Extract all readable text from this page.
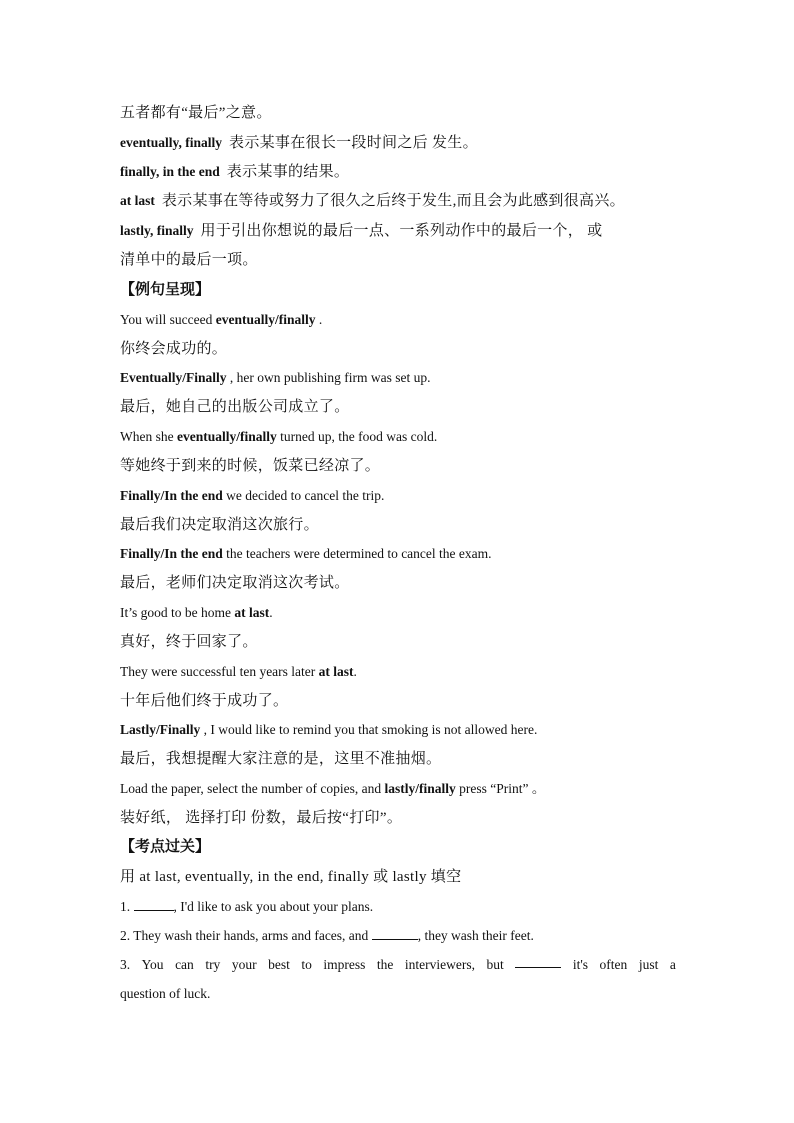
五者都有“最后”之意。
eventually, finally 表示某事在很长一段时间之后 发生。
finally, in the end 表示某事的结果。
at last 表示某事在等待或努力了很久之后终于发生,而且会为此感到很高兴。
lastly, finally 用于引出你想说的最后一点、一系列动作中的最后一个， 或
清单中的最后一项。
【例句呈现】
You will succeed eventually/finally .
你终会成功的。
Eventually/Finally , her own publishing firm was set up.
最后，她自己的出版公司成立了。
When she eventually/finally turned up, the food was cold.
等她终于到来的时候，饭菜已经凉了。
Finally/In the end we decided to cancel the trip.
最后我们决定取消这次旅行。
Finally/In the end the teachers were determined to cancel the exam.
最后，老师们决定取消这次考试。
It’s good to be home at last.
真好，终于回家了。
They were successful ten years later at last.
十年后他们终于成功了。
Lastly/Finally , I would like to remind you that smoking is not allowed here.
最后，我想提醒大家注意的是，这里不准抽烟。
Load the paper, select the number of copies, and lastly/finally press “Print” 。
装好纸， 选择打印 份数，最后按“打印”。
【考点过关】
用 at last, eventually, in the end, finally 或 lastly 填空
1.	, I'd like to ask you about your plans.
2. They wash their hands, arms and faces, and	, they wash their feet.
3. You can try your best to impress the interviewers, but	it's often just a
question of luck.
